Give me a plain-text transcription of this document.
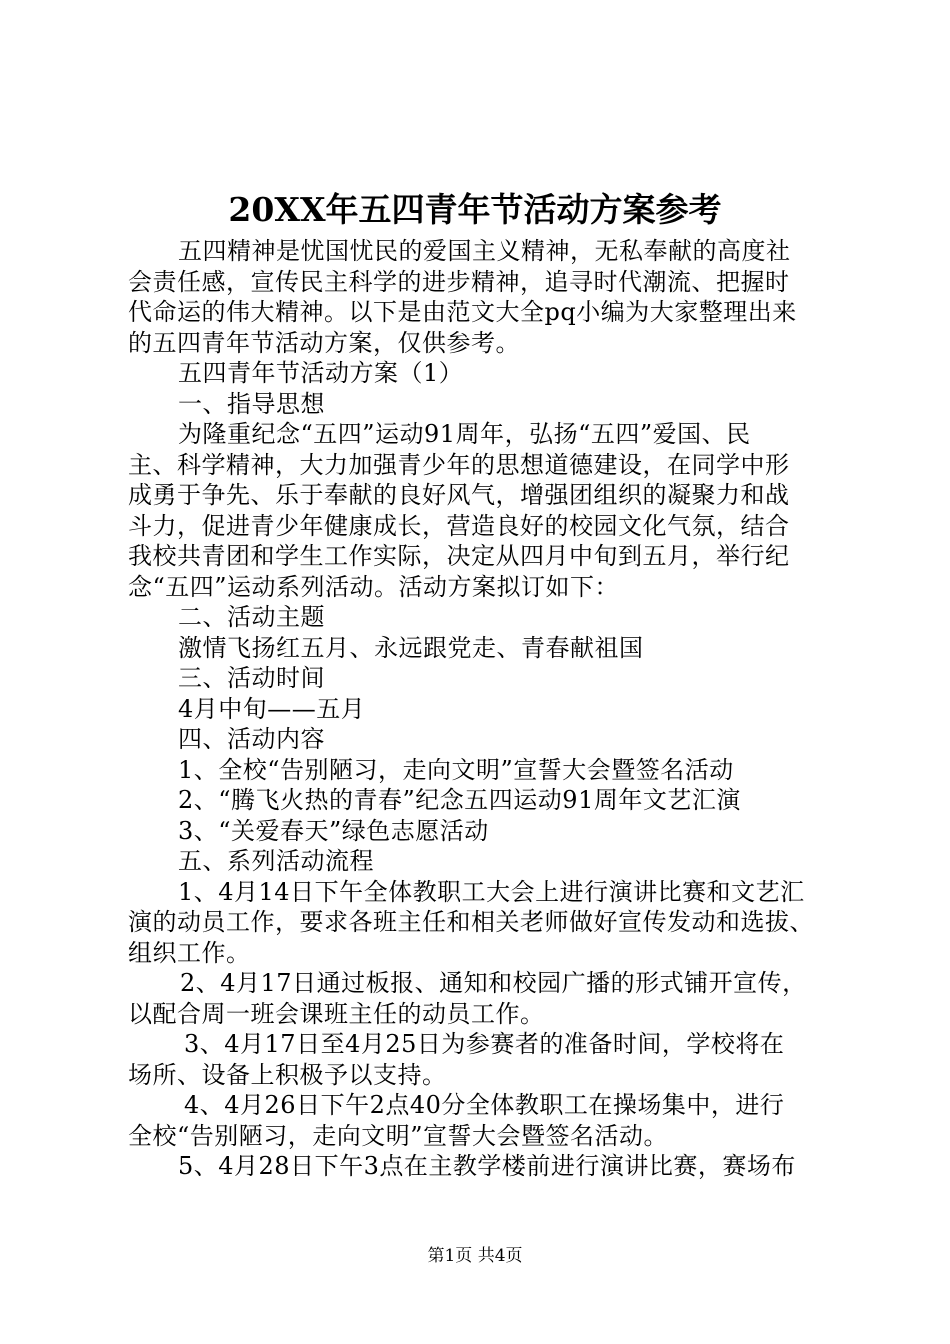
20XX年五四青年节活动方案参考
五四精神是忧国忧民的爱国主义精神，无私奉献的高度社
会责任感，宣传民主科学的进步精神，追寻时代潮流、把握时
代命运的伟大精神。以下是由范文大全pq小编为大家整理出来
的五四青年节活动方案，仅供参考。
五四青年节活动方案（1）
一、指导思想
为隆重纪念“五四”运动91周年，弘扬“五四”爱国、民
主、科学精神，大力加强青少年的思想道德建设，在同学中形
成勇于争先、乐于奉献的良好风气，增强团组织的凝聚力和战
斗力，促进青少年健康成长，营造良好的校园文化气氛，结合
我校共青团和学生工作实际，决定从四月中旬到五月，举行纪
念“五四”运动系列活动。活动方案拟订如下：
二、活动主题
激情飞扬红五月、永远跟党走、青春献祖国
三、活动时间
4月中旬——五月
四、活动内容
1、全校“告别陋习，走向文明”宣誓大会暨签名活动
2、“腾飞火热的青春”纪念五四运动91周年文艺汇演
3、“关爱春天”绿色志愿活动
五、系列活动流程
1、4月14日下午全体教职工大会上进行演讲比赛和文艺汇
演的动员工作，要求各班主任和相关老师做好宣传发动和选拔、
组织工作。
2、4月17日通过板报、通知和校园广播的形式铺开宣传，
以配合周一班会课班主任的动员工作。
3、4月17日至4月25日为参赛者的准备时间，学校将在
场所、设备上积极予以支持。
4、4月26日下午2点40分全体教职工在操场集中，进行
全校“告别陋习，走向文明”宣誓大会暨签名活动。
5、4月28日下午3点在主教学楼前进行演讲比赛，赛场布
第1页 共4页
